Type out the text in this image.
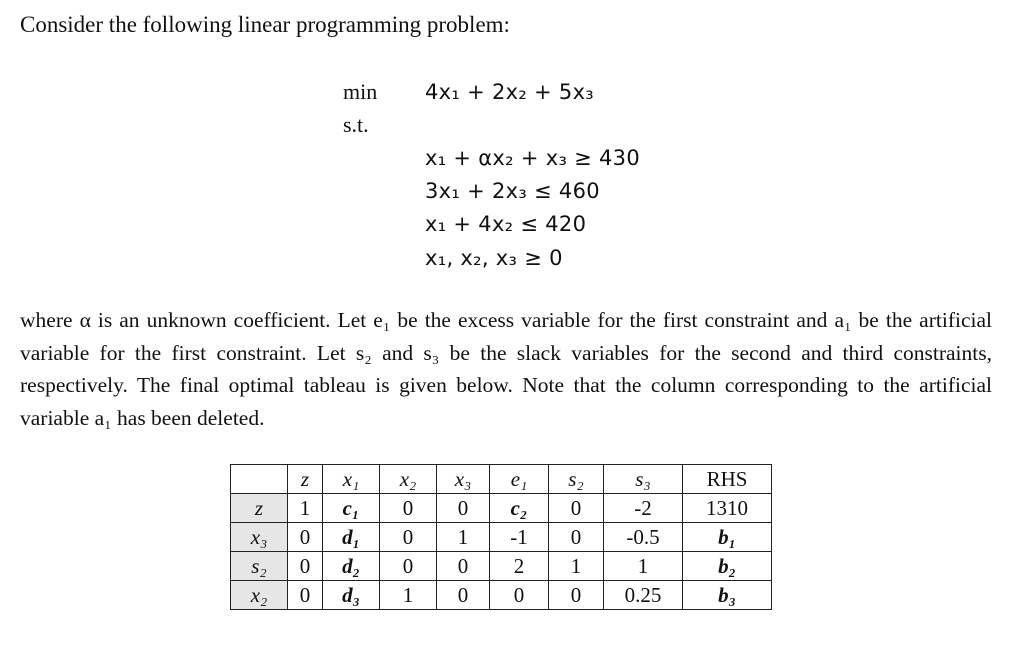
Consider the following linear programming problem:
min
s.t.
4x₁ + 2x₂ + 5x₃
x₁ + αx₂ + x₃ ≥ 430
3x₁ + 2x₃ ≤ 460
x₁ + 4x₂ ≤ 420
x₁, x₂, x₃ ≥ 0
where α is an unknown coefficient. Let e₁ be the excess variable for the first constraint and a₁ be the artificial variable for the first constraint. Let s₂ and s₃ be the slack variables for the second and third constraints, respectively. The final optimal tableau is given below. Note that the column corresponding to the artificial variable a₁ has been deleted.
	z	x₁	x₂	x₃	e₁	s₂	s₃	RHS
z	1	c₁	0	0	c₂	0	-2	1310
x₃	0	d₁	0	1	-1	0	-0.5	b₁
s₂	0	d₂	0	0	2	1	1	b₂
x₂	0	d₃	1	0	0	0	0.25	b₃
